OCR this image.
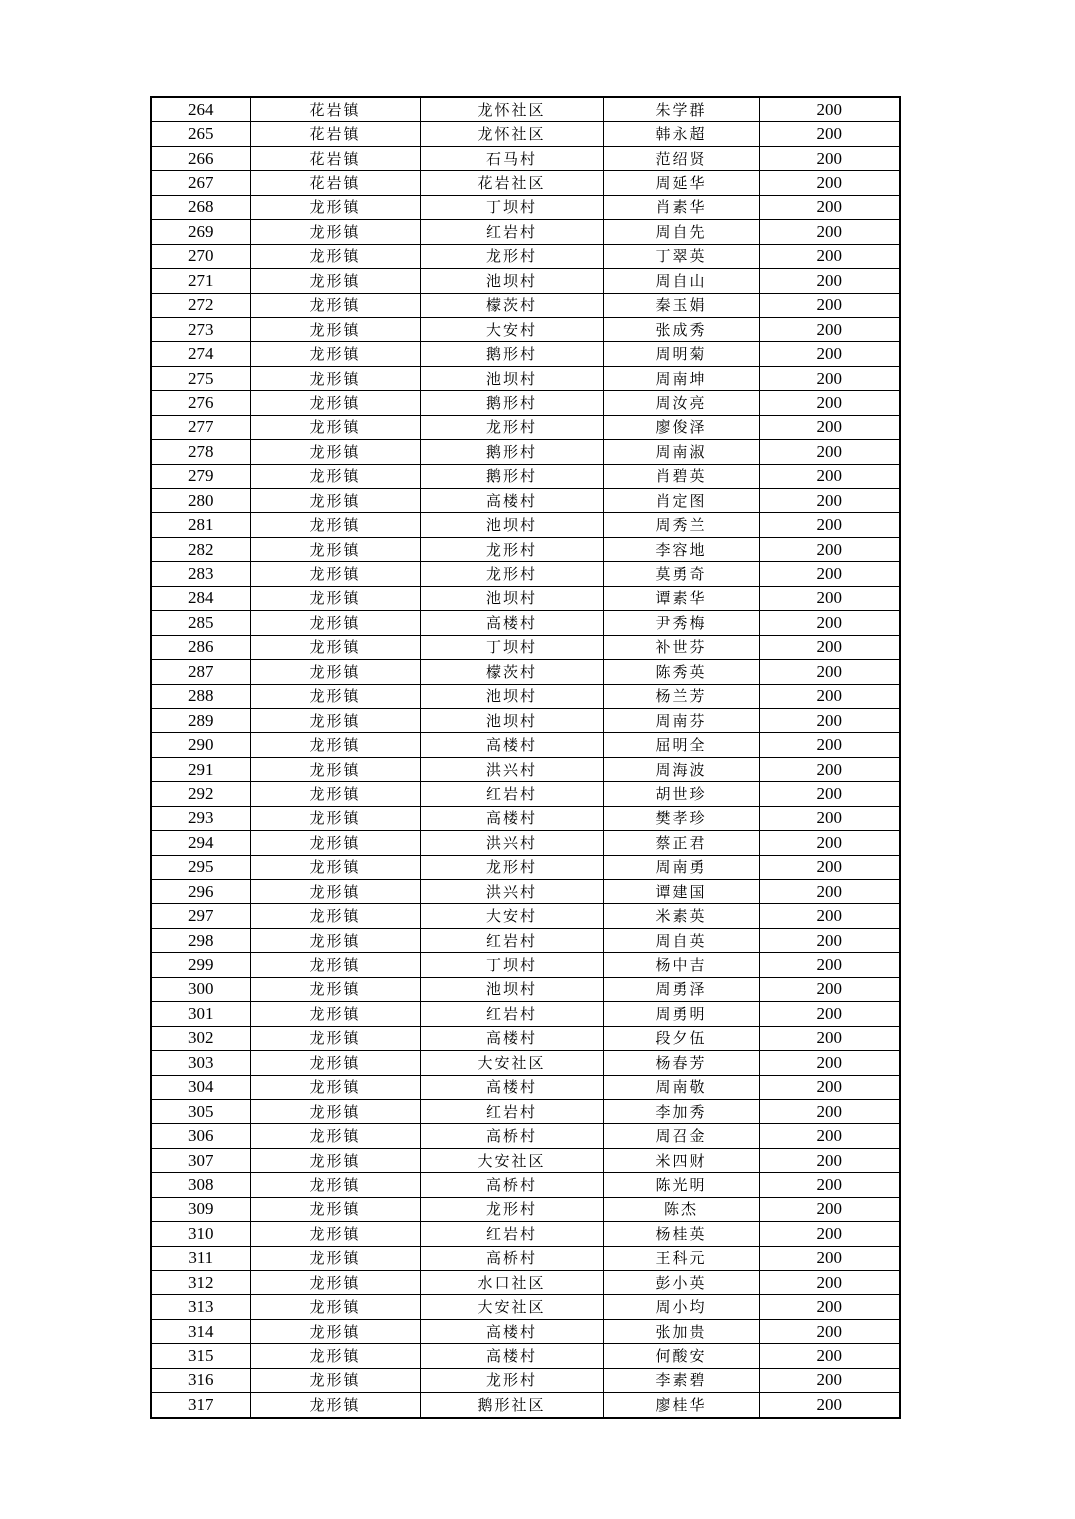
264	花岩镇	龙怀社区	朱学群	200
265	花岩镇	龙怀社区	韩永超	200
266	花岩镇	石马村	范绍贤	200
267	花岩镇	花岩社区	周延华	200
268	龙形镇	丁坝村	肖素华	200
269	龙形镇	红岩村	周自先	200
270	龙形镇	龙形村	丁翠英	200
271	龙形镇	池坝村	周自山	200
272	龙形镇	檬茨村	秦玉娟	200
273	龙形镇	大安村	张成秀	200
274	龙形镇	鹅形村	周明菊	200
275	龙形镇	池坝村	周南坤	200
276	龙形镇	鹅形村	周汝亮	200
277	龙形镇	龙形村	廖俊泽	200
278	龙形镇	鹅形村	周南淑	200
279	龙形镇	鹅形村	肖碧英	200
280	龙形镇	高楼村	肖定图	200
281	龙形镇	池坝村	周秀兰	200
282	龙形镇	龙形村	李容地	200
283	龙形镇	龙形村	莫勇奇	200
284	龙形镇	池坝村	谭素华	200
285	龙形镇	高楼村	尹秀梅	200
286	龙形镇	丁坝村	补世芬	200
287	龙形镇	檬茨村	陈秀英	200
288	龙形镇	池坝村	杨兰芳	200
289	龙形镇	池坝村	周南芬	200
290	龙形镇	高楼村	屈明全	200
291	龙形镇	洪兴村	周海波	200
292	龙形镇	红岩村	胡世珍	200
293	龙形镇	高楼村	樊孝珍	200
294	龙形镇	洪兴村	蔡正君	200
295	龙形镇	龙形村	周南勇	200
296	龙形镇	洪兴村	谭建国	200
297	龙形镇	大安村	米素英	200
298	龙形镇	红岩村	周自英	200
299	龙形镇	丁坝村	杨中吉	200
300	龙形镇	池坝村	周勇泽	200
301	龙形镇	红岩村	周勇明	200
302	龙形镇	高楼村	段夕伍	200
303	龙形镇	大安社区	杨春芳	200
304	龙形镇	高楼村	周南敬	200
305	龙形镇	红岩村	李加秀	200
306	龙形镇	高桥村	周召金	200
307	龙形镇	大安社区	米四财	200
308	龙形镇	高桥村	陈光明	200
309	龙形镇	龙形村	陈杰	200
310	龙形镇	红岩村	杨桂英	200
311	龙形镇	高桥村	王科元	200
312	龙形镇	水口社区	彭小英	200
313	龙形镇	大安社区	周小均	200
314	龙形镇	高楼村	张加贵	200
315	龙形镇	高楼村	何酸安	200
316	龙形镇	龙形村	李素碧	200
317	龙形镇	鹅形社区	廖桂华	200
